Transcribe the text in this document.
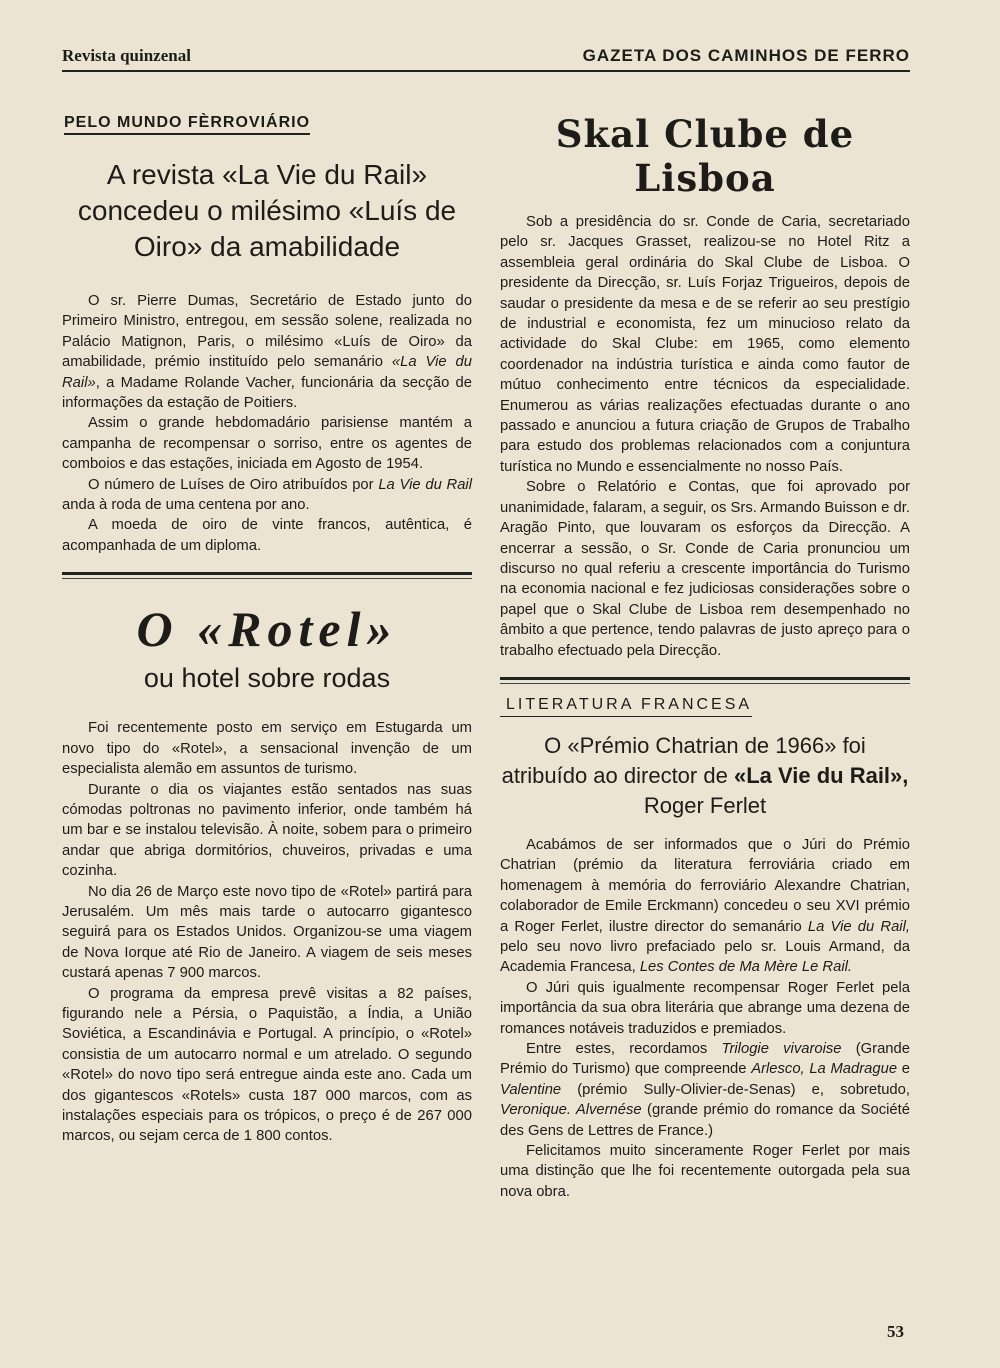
Revista quinzenal	GAZETA DOS CAMINHOS DE FERRO
PELO MUNDO FÈRROVIÁRIO
A revista «La Vie du Rail» concedeu o milésimo «Luís de Oiro» da amabilidade

O sr. Pierre Dumas, Secretário de Estado junto do Primeiro Ministro, entregou, em sessão solene, realizada no Palácio Matignon, Paris, o milésimo «Luís de Oiro» da amabilidade, prémio instituído pelo semanário «La Vie du Rail», a Madame Rolande Vacher, funcionária da secção de informações da estação de Poitiers.

Assim o grande hebdomadário parisiense mantém a campanha de recompensar o sorriso, entre os agentes de comboios e das estações, iniciada em Agosto de 1954.

O número de Luíses de Oiro atribuídos por La Vie du Rail anda à roda de uma centena por ano.

A moeda de oiro de vinte francos, autêntica, é acompanhada de um diploma.

O «Rotel»
ou hotel sobre rodas

Foi recentemente posto em serviço em Estugarda um novo tipo do «Rotel», a sensacional invenção de um especialista alemão em assuntos de turismo.

Durante o dia os viajantes estão sentados nas suas cómodas poltronas no pavimento inferior, onde também há um bar e se instalou televisão. À noite, sobem para o primeiro andar que abriga dormitórios, chuveiros, privadas e uma cozinha.

No dia 26 de Março este novo tipo de «Rotel» partirá para Jerusalém. Um mês mais tarde o autocarro gigantesco seguirá para os Estados Unidos. Organizou-se uma viagem de Nova Iorque até Rio de Janeiro. A viagem de seis meses custará apenas 7 900 marcos.

O programa da empresa prevê visitas a 82 países, figurando nele a Pérsia, o Paquistão, a Índia, a União Soviética, a Escandinávia e Portugal. A princípio, o «Rotel» consistia de um autocarro normal e um atrelado. O segundo «Rotel» do novo tipo será entregue ainda este ano. Cada um dos gigantescos «Rotels» custa 187 000 marcos, com as instalações especiais para os trópicos, o preço é de 267 000 marcos, ou sejam cerca de 1 800 contos.

Skal Clube de Lisboa

Sob a presidência do sr. Conde de Caria, secretariado pelo sr. Jacques Grasset, realizou-se no Hotel Ritz a assembleia geral ordinária do Skal Clube de Lisboa. O presidente da Direcção, sr. Luís Forjaz Trigueiros, depois de saudar o presidente da mesa e de se referir ao seu prestígio de industrial e economista, fez um minucioso relato da actividade do Skal Clube: em 1965, como elemento coordenador na indústria turística e ainda como fautor de mútuo conhecimento entre técnicos da especialidade. Enumerou as várias realizações efectuadas durante o ano passado e anunciou a futura criação de Grupos de Trabalho para estudo dos problemas relacionados com a conjuntura turística no Mundo e essencialmente no nosso País.

Sobre o Relatório e Contas, que foi aprovado por unanimidade, falaram, a seguir, os Srs. Armando Buisson e dr. Aragão Pinto, que louvaram os esforços da Direcção. A encerrar a sessão, o Sr. Conde de Caria pronunciou um discurso no qual referiu a crescente importância do Turismo na economia nacional e fez judiciosas considerações sobre o papel que o Skal Clube de Lisboa rem desempenhado no âmbito a que pertence, tendo palavras de justo apreço para o trabalho efectuado pela Direcção.

LITERATURA FRANCESA
O «Prémio Chatrian de 1966» foi atribuído ao director de «La Vie du Rail», Roger Ferlet

Acabámos de ser informados que o Júri do Prémio Chatrian (prémio da literatura ferroviária criado em homenagem à memória do ferroviário Alexandre Chatrian, colaborador de Emile Erckmann) concedeu o seu XVI prémio a Roger Ferlet, ilustre director do semanário La Vie du Rail, pelo seu novo livro prefaciado pelo sr. Louis Armand, da Academia Francesa, Les Contes de Ma Mère Le Rail.

O Júri quis igualmente recompensar Roger Ferlet pela importância da sua obra literária que abrange uma dezena de romances notáveis traduzidos e premiados.

Entre estes, recordamos Trilogie vivaroise (Grande Prémio do Turismo) que compreende Arlesco, La Madrague e Valentine (prémio Sully-Olivier-de-Senas) e, sobretudo, Veronique. Alvernése (grande prémio do romance da Société des Gens de Lettres de France.)

Felicitamos muito sinceramente Roger Ferlet por mais uma distinção que lhe foi recentemente outorgada pela sua nova obra.

53
